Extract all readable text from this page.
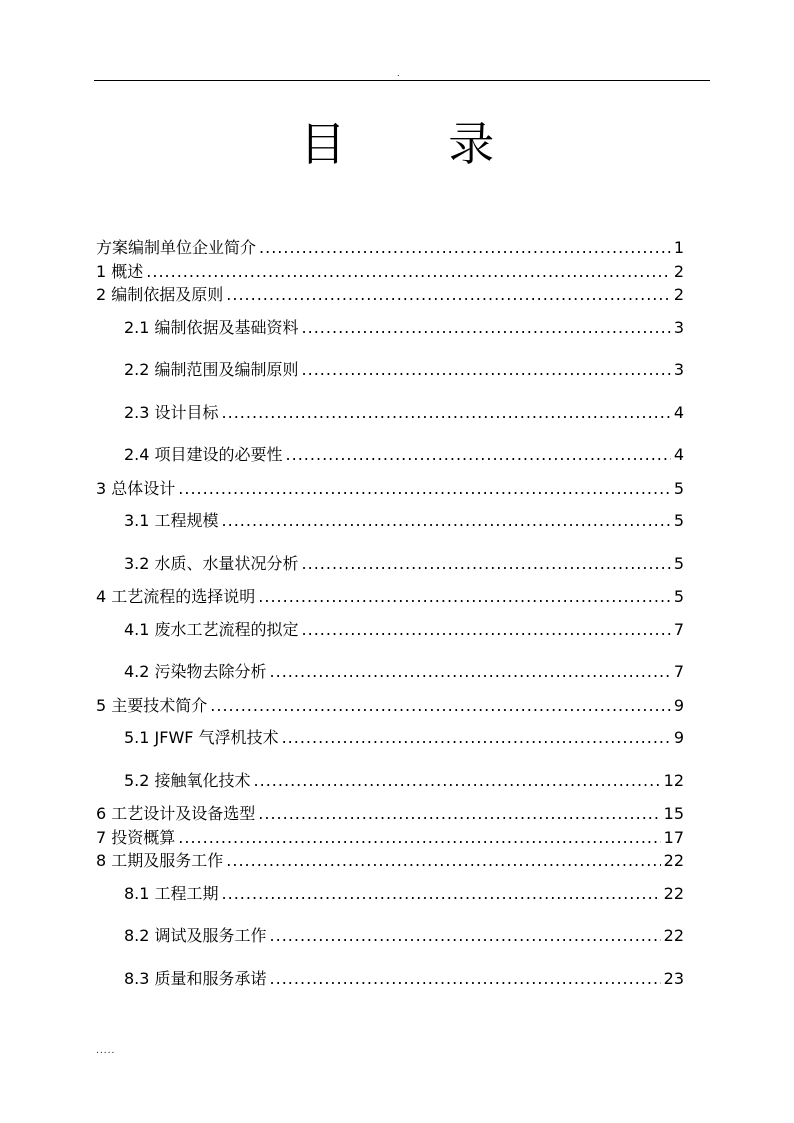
.
目 录
方案编制单位企业简介 .....	1
1 概述 .....	2
2 编制依据及原则 .....	2
2.1 编制依据及基础资料 .....	3
2.2 编制范围及编制原则 .....	3
2.3 设计目标 .....	4
2.4 项目建设的必要性 .....	4
3 总体设计 .....	5
3.1 工程规模 .....	5
3.2 水质、水量状况分析 .....	5
4 工艺流程的选择说明 .....	5
4.1 废水工艺流程的拟定 .....	7
4.2 污染物去除分析 .....	7
5 主要技术简介 .....	9
5.1 JFWF 气浮机技术 .....	9
5.2 接触氧化技术 .....	12
6 工艺设计及设备选型 .....	15
7 投资概算 .....	17
8 工期及服务工作 .....	22
8.1 工程工期 .....	22
8.2 调试及服务工作 .....	22
8.3 质量和服务承诺 .....	23
.....
